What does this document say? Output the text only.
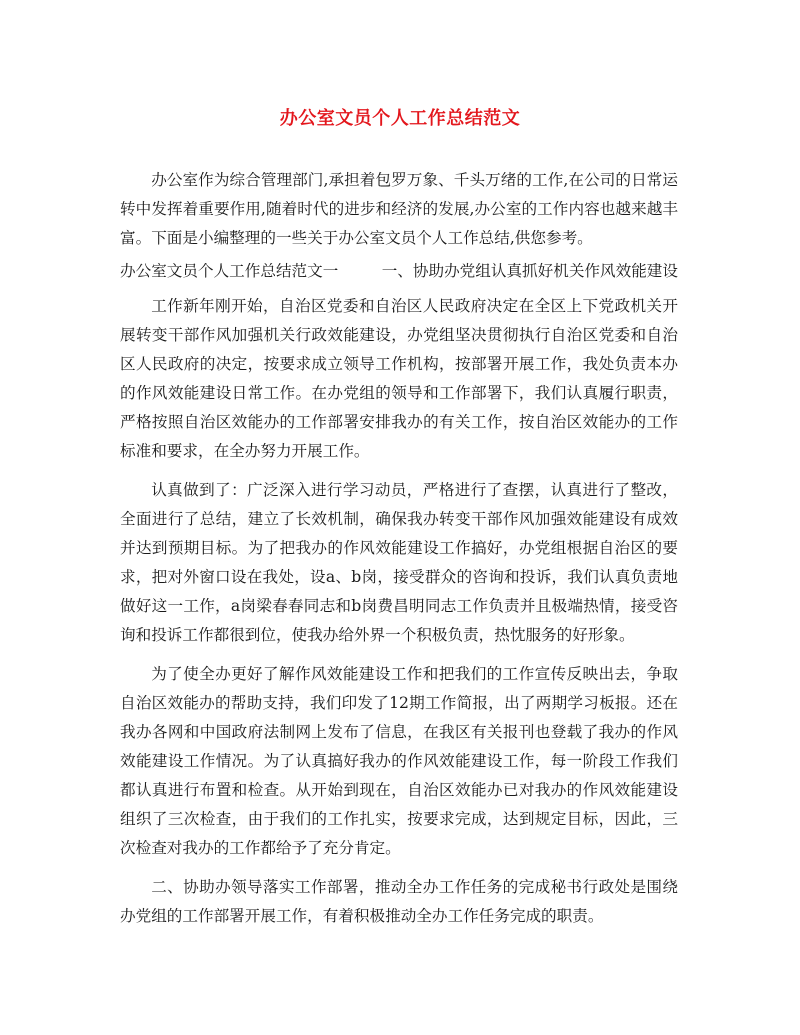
办公室文员个人工作总结范文

办公室作为综合管理部门,承担着包罗万象、千头万绪的工作,在公司的日常运转中发挥着重要作用,随着时代的进步和经济的发展,办公室的工作内容也越来越丰富。下面是小编整理的一些关于办公室文员个人工作总结,供您参考。

办公室文员个人工作总结范文一	一、协助办党组认真抓好机关作风效能建设

工作新年刚开始，自治区党委和自治区人民政府决定在全区上下党政机关开展转变干部作风加强机关行政效能建设，办党组坚决贯彻执行自治区党委和自治区人民政府的决定，按要求成立领导工作机构，按部署开展工作，我处负责本办的作风效能建设日常工作。在办党组的领导和工作部署下，我们认真履行职责，严格按照自治区效能办的工作部署安排我办的有关工作，按自治区效能办的工作标准和要求，在全办努力开展工作。

认真做到了：广泛深入进行学习动员，严格进行了查摆，认真进行了整改，全面进行了总结，建立了长效机制，确保我办转变干部作风加强效能建设有成效并达到预期目标。为了把我办的作风效能建设工作搞好，办党组根据自治区的要求，把对外窗口设在我处，设a、b岗，接受群众的咨询和投诉，我们认真负责地做好这一工作，a岗梁春春同志和b岗费昌明同志工作负责并且极端热情，接受咨询和投诉工作都很到位，使我办给外界一个积极负责，热忱服务的好形象。

为了使全办更好了解作风效能建设工作和把我们的工作宣传反映出去，争取自治区效能办的帮助支持，我们印发了12期工作简报，出了两期学习板报。还在我办各网和中国政府法制网上发布了信息，在我区有关报刊也登载了我办的作风效能建设工作情况。为了认真搞好我办的作风效能建设工作，每一阶段工作我们都认真进行布置和检查。从开始到现在，自治区效能办已对我办的作风效能建设组织了三次检查，由于我们的工作扎实，按要求完成，达到规定目标，因此，三次检查对我办的工作都给予了充分肯定。

二、协助办领导落实工作部署，推动全办工作任务的完成秘书行政处是围绕办党组的工作部署开展工作，有着积极推动全办工作任务完成的职责。
